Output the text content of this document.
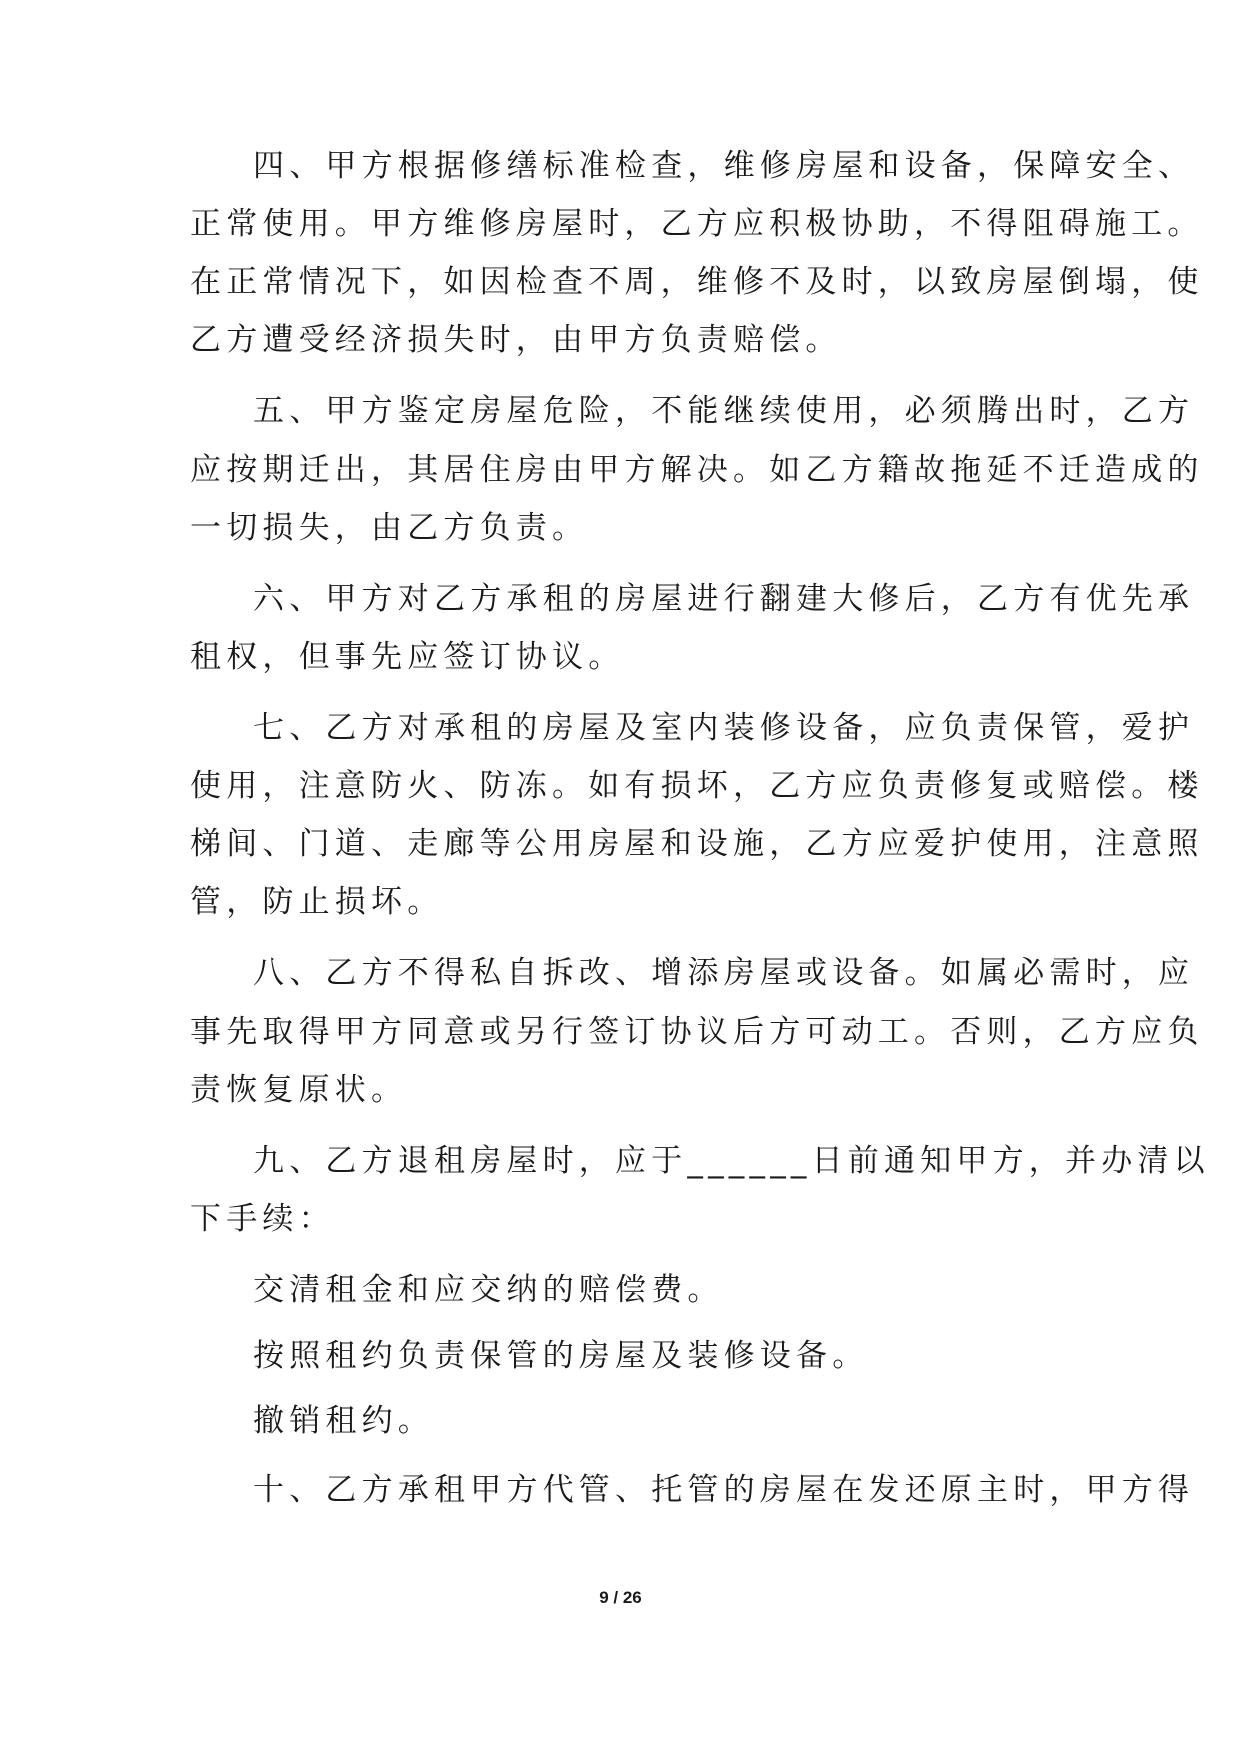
四、甲方根据修缮标准检查，维修房屋和设备，保障安全、
正常使用。甲方维修房屋时，乙方应积极协助，不得阻碍施工。
在正常情况下，如因检查不周，维修不及时，以致房屋倒塌，使
乙方遭受经济损失时，由甲方负责赔偿。
五、甲方鉴定房屋危险，不能继续使用，必须腾出时，乙方
应按期迁出，其居住房由甲方解决。如乙方籍故拖延不迁造成的
一切损失，由乙方负责。
六、甲方对乙方承租的房屋进行翻建大修后，乙方有优先承
租权，但事先应签订协议。
七、乙方对承租的房屋及室内装修设备，应负责保管，爱护
使用，注意防火、防冻。如有损坏，乙方应负责修复或赔偿。楼
梯间、门道、走廊等公用房屋和设施，乙方应爱护使用，注意照
管，防止损坏。
八、乙方不得私自拆改、增添房屋或设备。如属必需时，应
事先取得甲方同意或另行签订协议后方可动工。否则，乙方应负
责恢复原状。
九、乙方退租房屋时，应于______日前通知甲方，并办清以
下手续：
交清租金和应交纳的赔偿费。
按照租约负责保管的房屋及装修设备。
撤销租约。
十、乙方承租甲方代管、托管的房屋在发还原主时，甲方得
9 / 26
